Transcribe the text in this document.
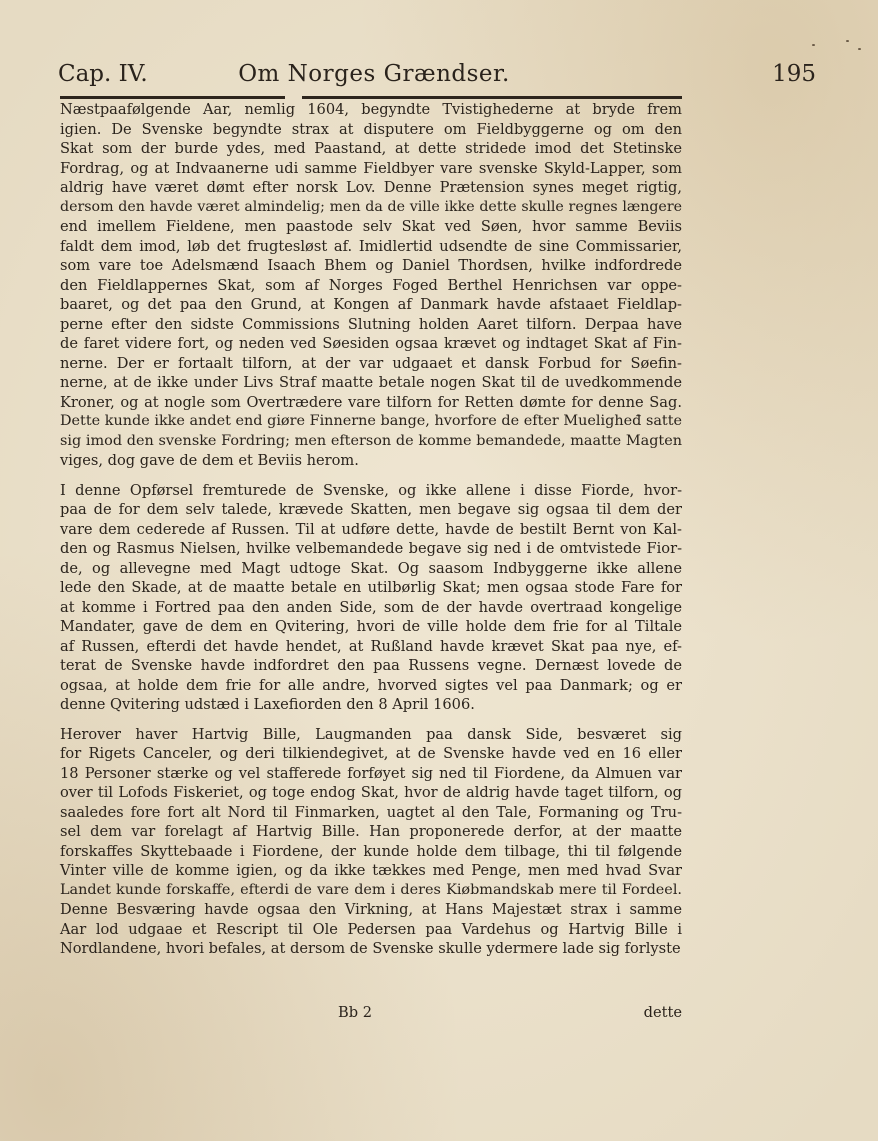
Cap. IV.	Om Norges Grændser.	195

Næstpaafølgende Aar, nemlig 1604, begyndte Tvistighederne at bryde frem
igien. De Svenske begyndte strax at disputere om Fieldbyggerne og om den
Skat som der burde ydes, med Paastand, at dette stridede imod det Stetinske
Fordrag, og at Indvaanerne udi samme Fieldbyer vare svenske Skyld-Lapper, som
aldrig have været dømt efter norsk Lov. Denne Prætension synes meget rigtig,
dersom den havde været almindelig; men da de ville ikke dette skulle regnes længere
end imellem Fieldene, men paastode selv Skat ved Søen, hvor samme Beviis
faldt dem imod, løb det frugtesløst af. Imidlertid udsendte de sine Commissarier,
som vare toe Adelsmænd Isaach Bhem og Daniel Thordsen, hvilke indfordrede
den Fieldlappernes Skat, som af Norges Foged Berthel Henrichsen var oppe-
baaret, og det paa den Grund, at Kongen af Danmark havde afstaaet Fieldlap-
perne efter den sidste Commissions Slutning holden Aaret tilforn. Derpaa have
de faret videre fort, og neden ved Søesiden ogsaa krævet og indtaget Skat af Fin-
nerne. Der er fortaalt tilforn, at der var udgaaet et dansk Forbud for Søefin-
nerne, at de ikke under Livs Straf maatte betale nogen Skat til de uvedkommende
Kroner, og at nogle som Overtrædere vare tilforn for Retten dømte for denne Sag.
Dette kunde ikke andet end giøre Finnerne bange, hvorfore de efter Mueligheđ satte
sig imod den svenske Fordring; men efterson de komme bemandede, maatte Magten
viges, dog gave de dem et Beviis herom.

I denne Opførsel fremturede de Svenske, og ikke allene i disse Fiorde, hvor-
paa de for dem selv talede, krævede Skatten, men begave sig ogsaa til dem der
vare dem cederede af Russen. Til at udføre dette, havde de bestilt Bernt von Kal-
den og Rasmus Nielsen, hvilke velbemandede begave sig ned i de omtvistede Fior-
de, og allevegne med Magt udtoge Skat. Og saasom Indbyggerne ikke allene
lede den Skade, at de maatte betale en utilbørlig Skat; men ogsaa stode Fare for
at komme i Fortred paa den anden Side, som de der havde overtraad kongelige
Mandater, gave de dem en Qvitering, hvori de ville holde dem frie for al Tiltale
af Russen, efterdi det havde hendet, at Rußland havde krævet Skat paa nye, ef-
terat de Svenske havde indfordret den paa Russens vegne. Dernæst lovede de
ogsaa, at holde dem frie for alle andre, hvorved sigtes vel paa Danmark; og er
denne Qvitering udstæd i Laxefiorden den 8 April 1606.

Herover haver Hartvig Bille, Laugmanden paa dansk Side, besværet sig
for Rigets Canceler, og deri tilkiendegivet, at de Svenske havde ved en 16 eller
18 Personer stærke og vel stafferede forføyet sig ned til Fiordene, da Almuen var
over til Lofods Fiskeriet, og toge endog Skat, hvor de aldrig havde taget tilforn, og
saaledes fore fort alt Nord til Finmarken, uagtet al den Tale, Formaning og Tru-
sel dem var forelagt af Hartvig Bille. Han proponerede derfor, at der maatte
forskaffes Skyttebaade i Fiordene, der kunde holde dem tilbage, thi til følgende
Vinter ville de komme igien, og da ikke tækkes med Penge, men med hvad Svar
Landet kunde forskaffe, efterdi de vare dem i deres Kiøbmandskab mere til Fordeel.
Denne Besværing havde ogsaa den Virkning, at Hans Majestæt strax i samme
Aar lod udgaae et Rescript til Ole Pedersen paa Vardehus og Hartvig Bille i
Nordlandene, hvori befales, at dersom de Svenske skulle ydermere lade sig forlyste

Bb 2	dette
